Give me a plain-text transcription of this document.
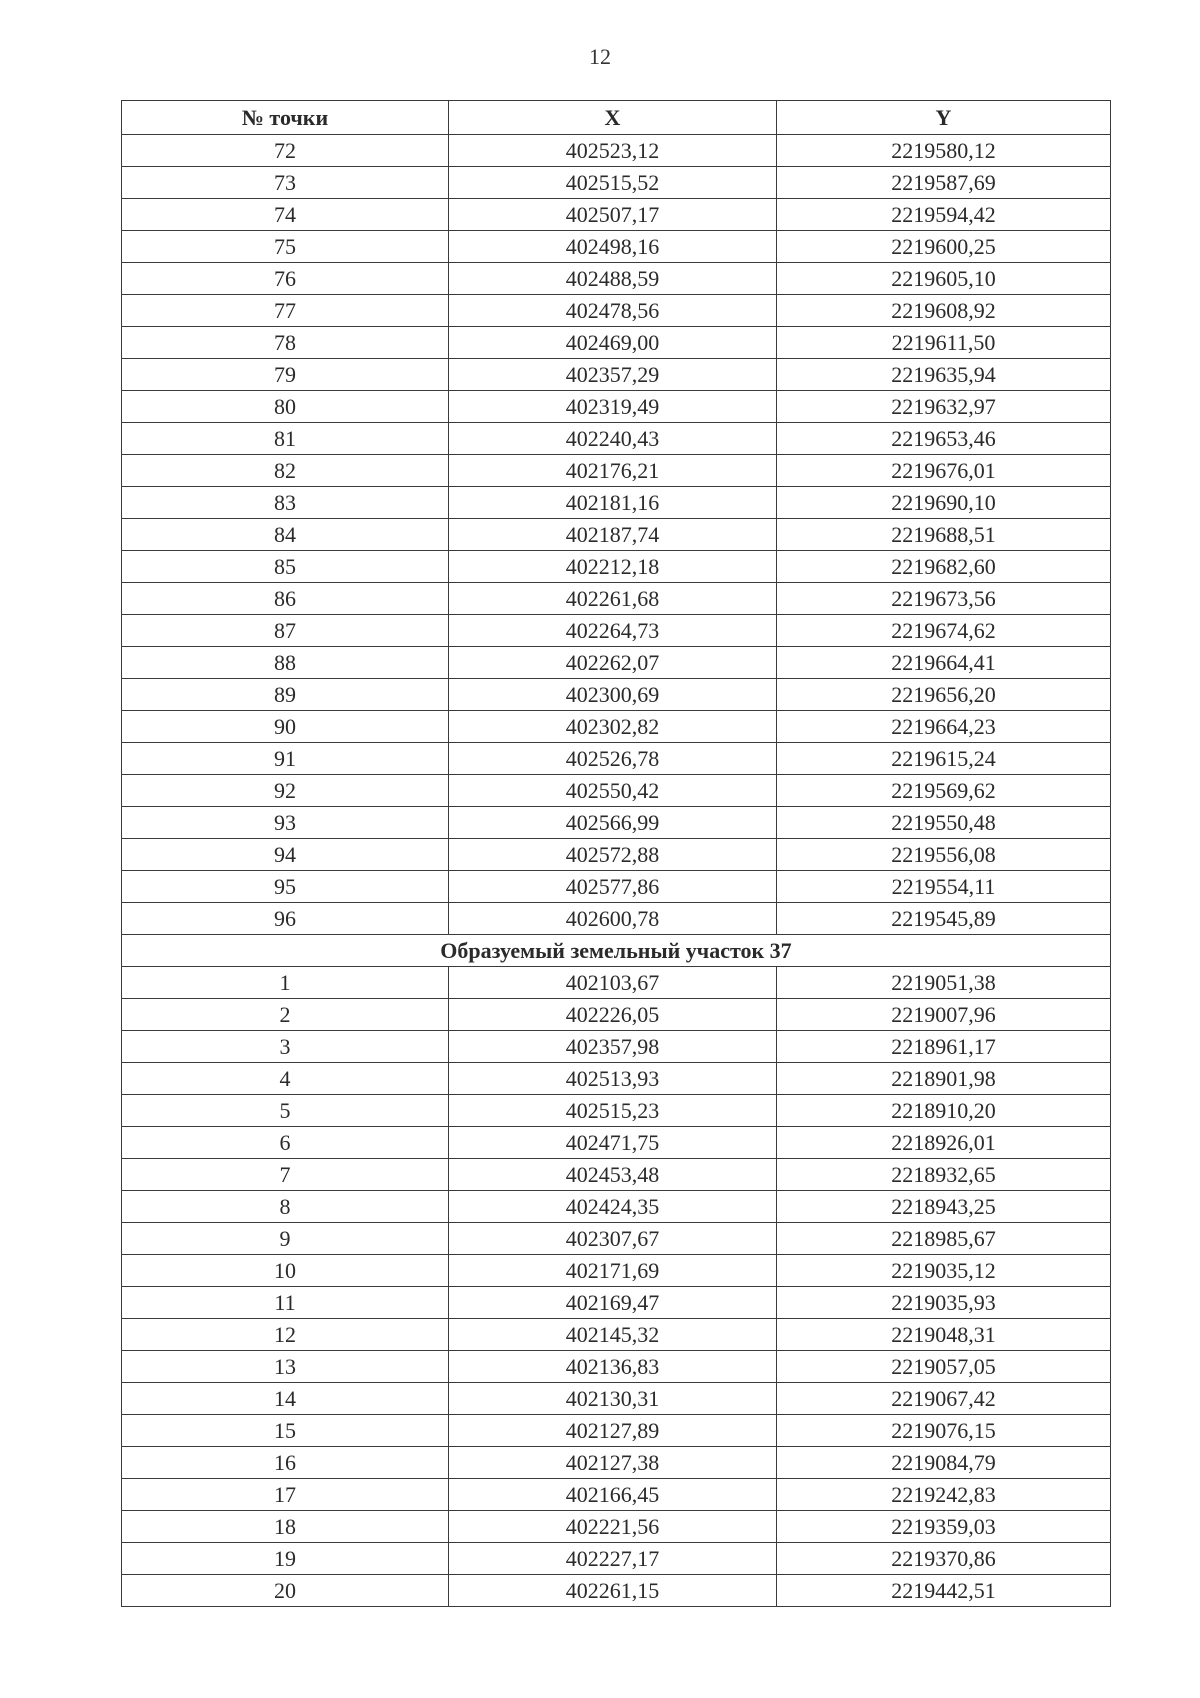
12
№ точки	X	Y
72	402523,12	2219580,12
73	402515,52	2219587,69
74	402507,17	2219594,42
75	402498,16	2219600,25
76	402488,59	2219605,10
77	402478,56	2219608,92
78	402469,00	2219611,50
79	402357,29	2219635,94
80	402319,49	2219632,97
81	402240,43	2219653,46
82	402176,21	2219676,01
83	402181,16	2219690,10
84	402187,74	2219688,51
85	402212,18	2219682,60
86	402261,68	2219673,56
87	402264,73	2219674,62
88	402262,07	2219664,41
89	402300,69	2219656,20
90	402302,82	2219664,23
91	402526,78	2219615,24
92	402550,42	2219569,62
93	402566,99	2219550,48
94	402572,88	2219556,08
95	402577,86	2219554,11
96	402600,78	2219545,89
Образуемый земельный участок 37		
1	402103,67	2219051,38
2	402226,05	2219007,96
3	402357,98	2218961,17
4	402513,93	2218901,98
5	402515,23	2218910,20
6	402471,75	2218926,01
7	402453,48	2218932,65
8	402424,35	2218943,25
9	402307,67	2218985,67
10	402171,69	2219035,12
11	402169,47	2219035,93
12	402145,32	2219048,31
13	402136,83	2219057,05
14	402130,31	2219067,42
15	402127,89	2219076,15
16	402127,38	2219084,79
17	402166,45	2219242,83
18	402221,56	2219359,03
19	402227,17	2219370,86
20	402261,15	2219442,51
